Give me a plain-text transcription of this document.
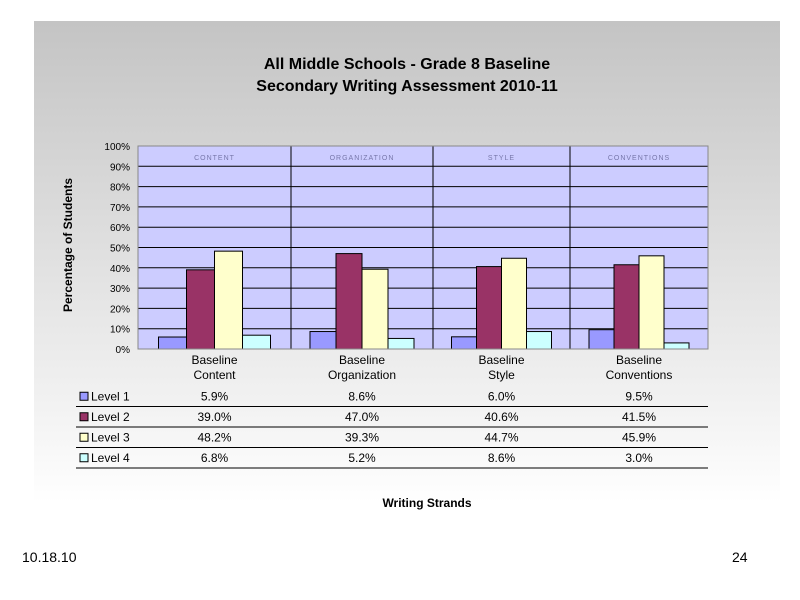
All Middle Schools - Grade 8 Baseline
Secondary Writing Assessment 2010-11
0%
10%
20%
30%
40%
50%
60%
70%
80%
90%
100%
CONTENT	ORGANIZATION	STYLE	CONVENTIONS
Baseline
Content
Baseline
Organization
Baseline
Style
Baseline
Conventions
Level 1	5.9%	8.6%	6.0%	9.5%
Level 2	39.0%	47.0%	40.6%	41.5%
Level 3	48.2%	39.3%	44.7%	45.9%
Level 4	6.8%	5.2%	8.6%	3.0%
Percentage of Students
Writing Strands
10.18.10	24
